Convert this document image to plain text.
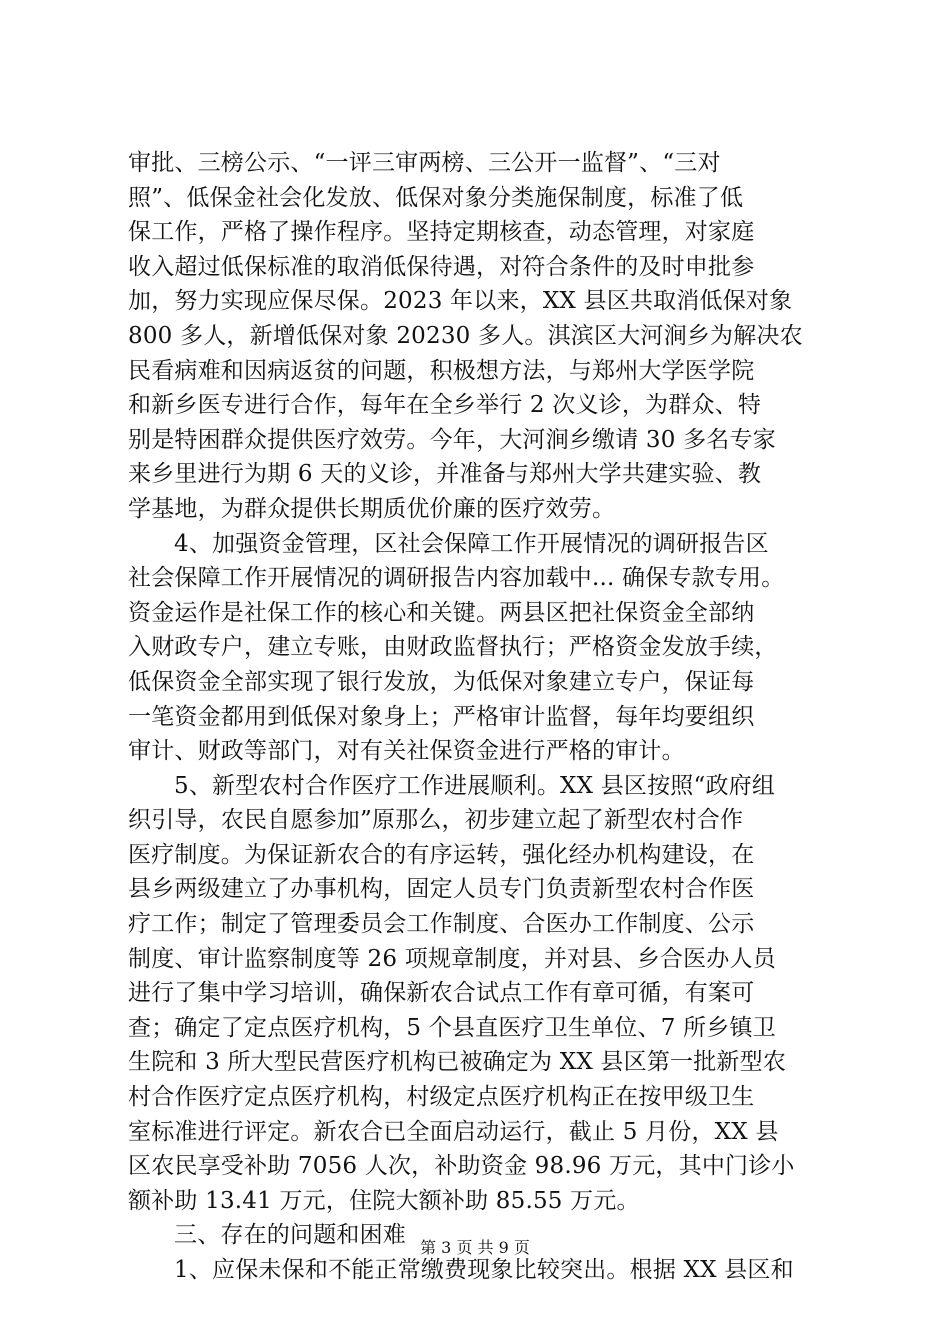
审批、三榜公示、“一评三审两榜、三公开一监督”、“三对
照”、低保金社会化发放、低保对象分类施保制度，标准了低
保工作，严格了操作程序。坚持定期核查，动态管理，对家庭
收入超过低保标准的取消低保待遇，对符合条件的及时申批参
加，努力实现应保尽保。2023 年以来，XX 县区共取消低保对象
800 多人，新增低保对象 20230 多人。淇滨区大河涧乡为解决农
民看病难和因病返贫的问题，积极想方法，与郑州大学医学院
和新乡医专进行合作，每年在全乡举行 2 次义诊，为群众、特
别是特困群众提供医疗效劳。今年，大河涧乡缴请 30 多名专家
来乡里进行为期 6 天的义诊，并准备与郑州大学共建实验、教
学基地，为群众提供长期质优价廉的医疗效劳。
4、加强资金管理，区社会保障工作开展情况的调研报告区
社会保障工作开展情况的调研报告内容加载中... 确保专款专用。
资金运作是社保工作的核心和关键。两县区把社保资金全部纳
入财政专户，建立专账，由财政监督执行；严格资金发放手续，
低保资金全部实现了银行发放，为低保对象建立专户，保证每
一笔资金都用到低保对象身上；严格审计监督，每年均要组织
审计、财政等部门，对有关社保资金进行严格的审计。
5、新型农村合作医疗工作进展顺利。XX 县区按照“政府组
织引导，农民自愿参加”原那么，初步建立起了新型农村合作
医疗制度。为保证新农合的有序运转，强化经办机构建设，在
县乡两级建立了办事机构，固定人员专门负责新型农村合作医
疗工作；制定了管理委员会工作制度、合医办工作制度、公示
制度、审计监察制度等 26 项规章制度，并对县、乡合医办人员
进行了集中学习培训，确保新农合试点工作有章可循，有案可
查；确定了定点医疗机构，5 个县直医疗卫生单位、7 所乡镇卫
生院和 3 所大型民营医疗机构已被确定为 XX 县区第一批新型农
村合作医疗定点医疗机构，村级定点医疗机构正在按甲级卫生
室标准进行评定。新农合已全面启动运行，截止 5 月份，XX 县
区农民享受补助 7056 人次，补助资金 98.96 万元，其中门诊小
额补助 13.41 万元，住院大额补助 85.55 万元。
三、存在的问题和困难
1、应保未保和不能正常缴费现象比较突出。根据 XX 县区和
第 3 页 共 9 页
